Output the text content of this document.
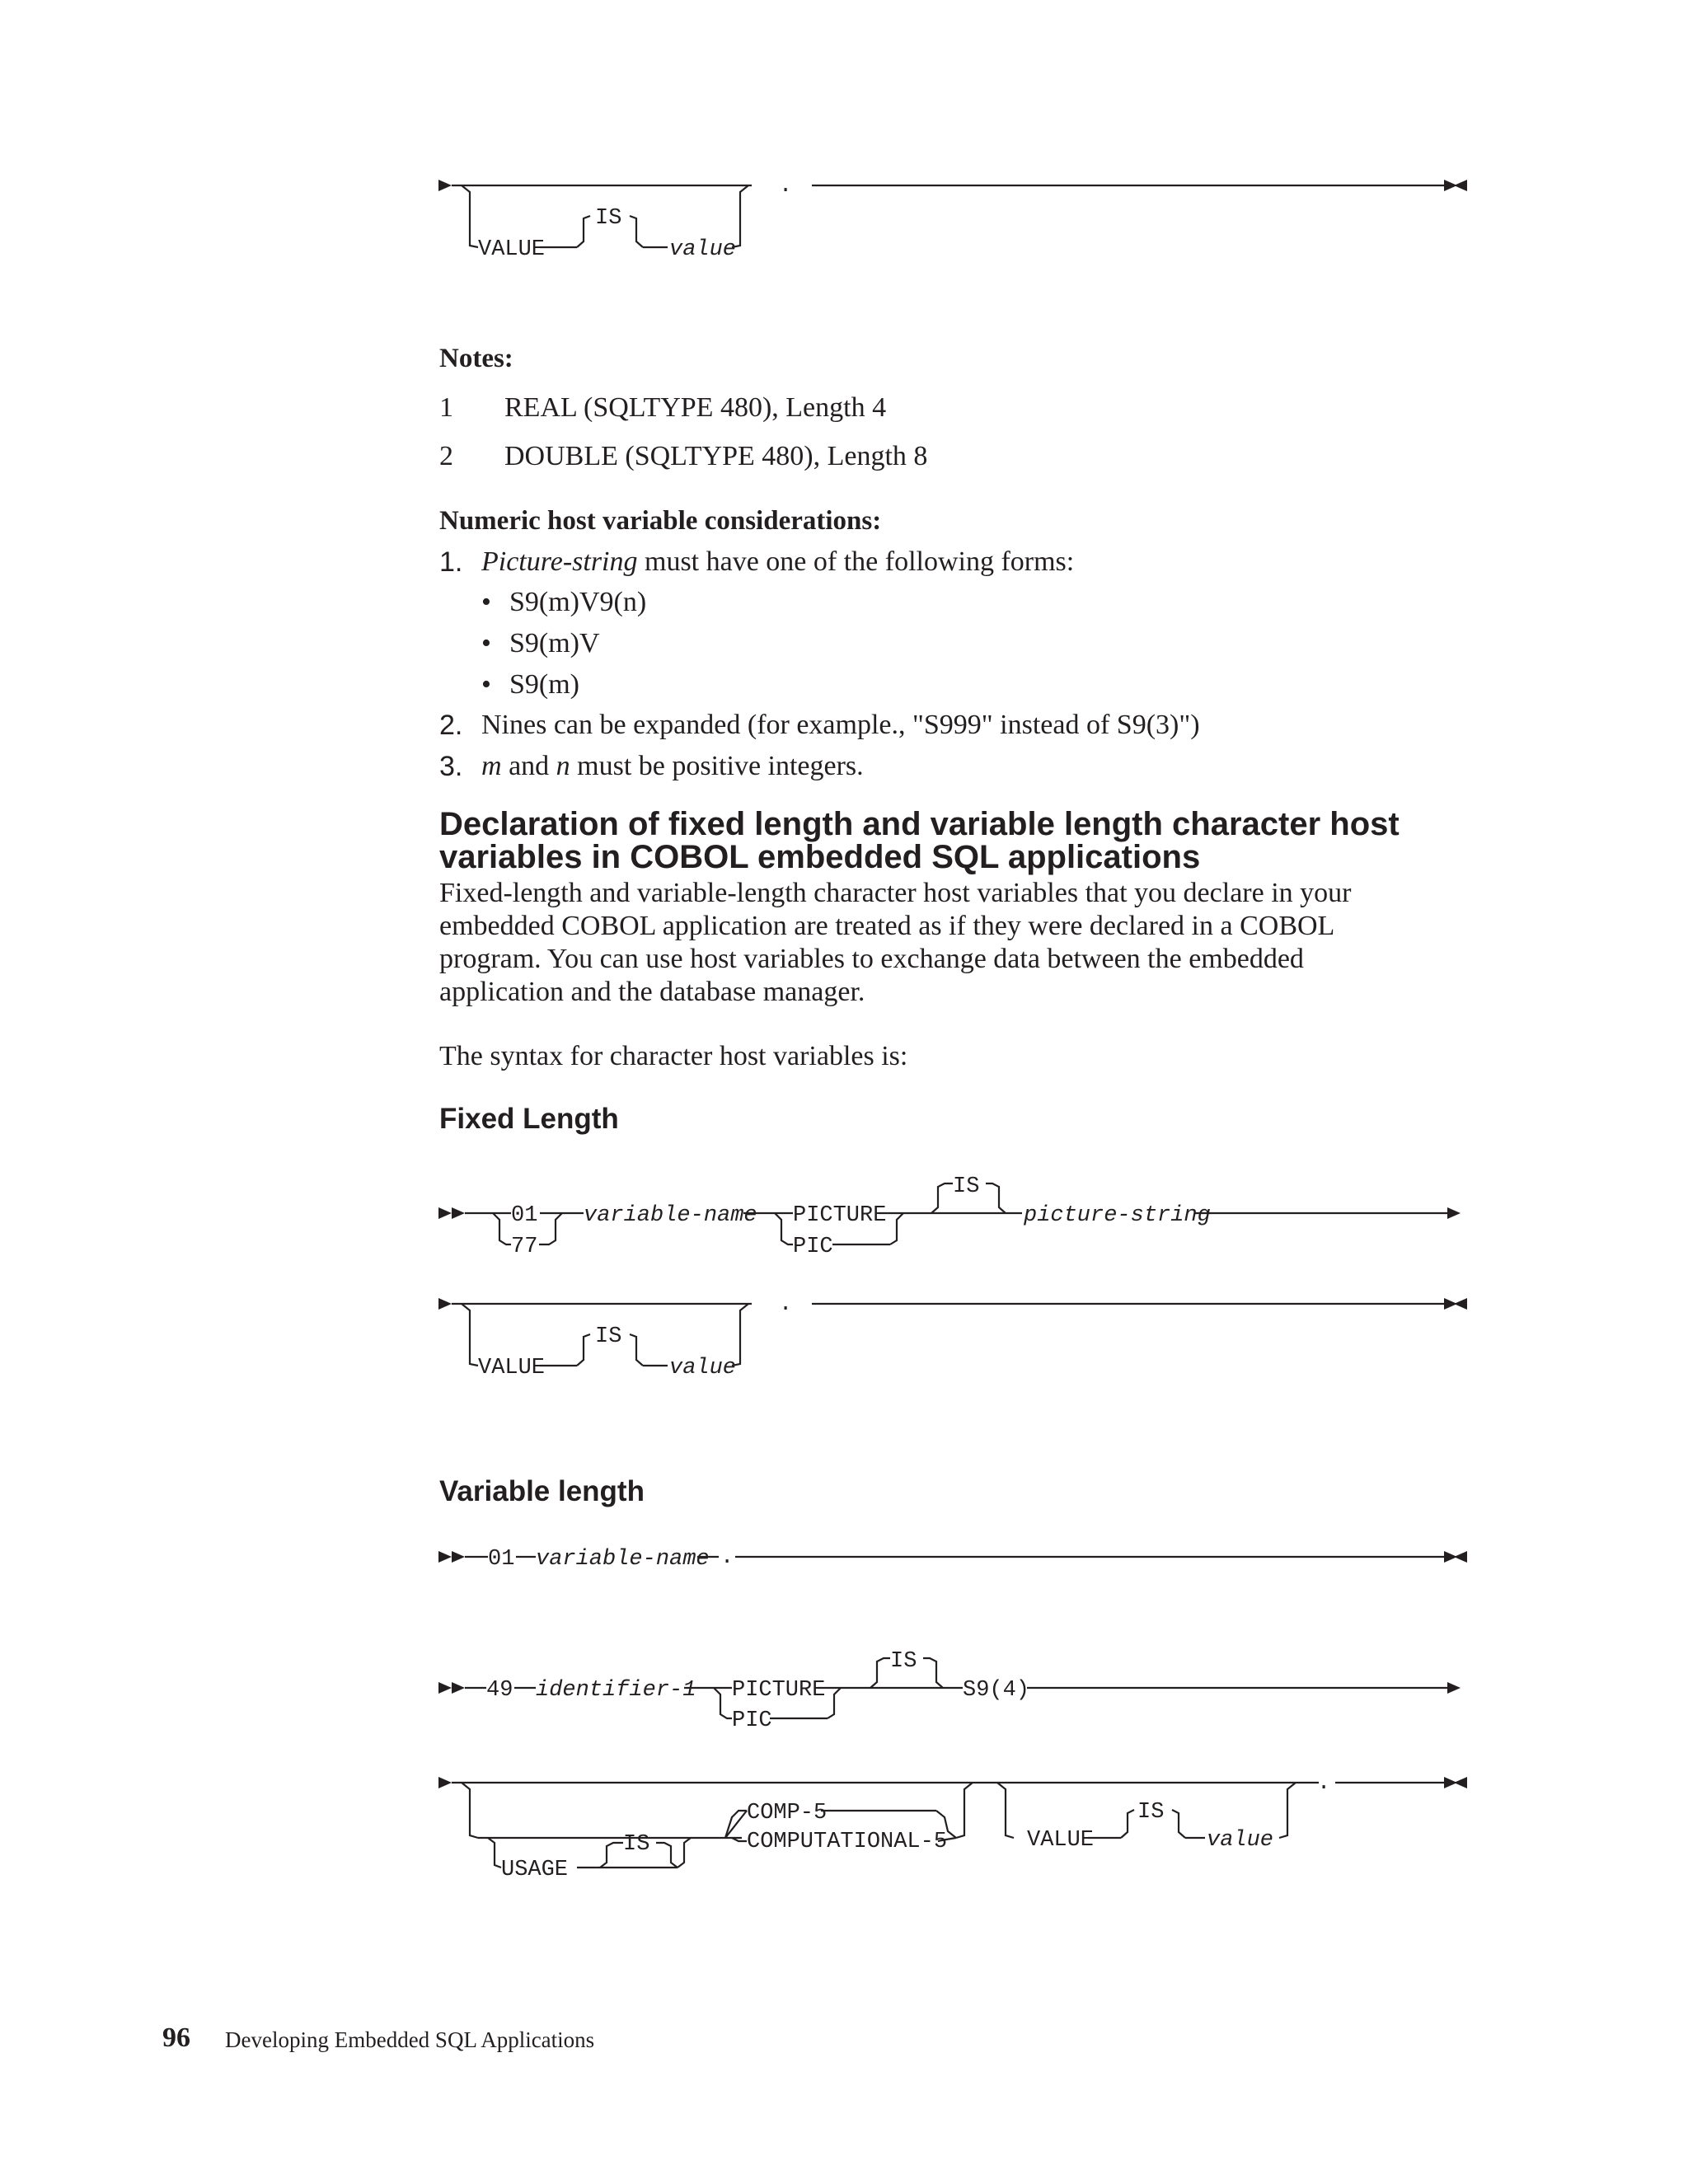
VALUE
IS
value
.
Notes:
1 REAL (SQLTYPE 480), Length 4
2 DOUBLE (SQLTYPE 480), Length 8
Numeric host variable considerations:
1. Picture-string must have one of the following forms:
• S9(m)V9(n)
• S9(m)V
• S9(m)
2. Nines can be expanded (for example., "S999" instead of S9(3)")
3. m and n must be positive integers.
Declaration of fixed length and variable length character host
variables in COBOL embedded SQL applications
Fixed-length and variable-length character host variables that you declare in your
embedded COBOL application are treated as if they were declared in a COBOL
program. You can use host variables to exchange data between the embedded
application and the database manager.
The syntax for character host variables is:
Fixed Length
01
77
variable-name PICTURE
PIC
IS
picture-string
VALUE
IS
value
.
Variable length
01 variable-name .
49 identifier-1 PICTURE
PIC
IS
S9(4)
.
USAGE
IS
COMP-5
COMPUTATIONAL-5	VALUE
IS
value
96 Developing Embedded SQL Applications
